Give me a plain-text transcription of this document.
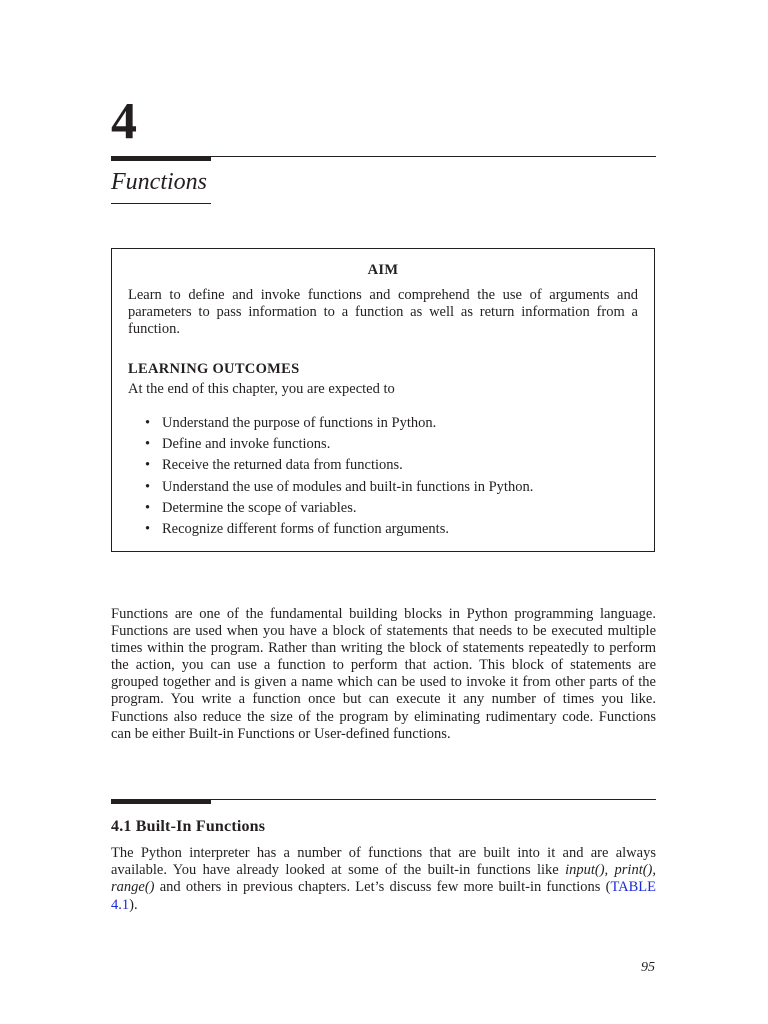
4
Functions
AIM

Learn to define and invoke functions and comprehend the use of arguments and parameters to pass information to a function as well as return information from a function.

LEARNING OUTCOMES

At the end of this chapter, you are expected to

• Understand the purpose of functions in Python.
• Define and invoke functions.
• Receive the returned data from functions.
• Understand the use of modules and built-in functions in Python.
• Determine the scope of variables.
• Recognize different forms of function arguments.

Functions are one of the fundamental building blocks in Python programming language. Functions are used when you have a block of statements that needs to be executed multiple times within the program. Rather than writing the block of statements repeatedly to perform the action, you can use a function to perform that action. This block of statements are grouped together and is given a name which can be used to invoke it from other parts of the program. You write a function once but can execute it any number of times you like. Functions also reduce the size of the program by eliminating rudimentary code. Functions can be either Built-in Functions or User-defined functions.

4.1 Built-In Functions

The Python interpreter has a number of functions that are built into it and are always available. You have already looked at some of the built-in functions like input(), print(), range() and others in previous chapters. Let’s discuss few more built-in functions (TABLE 4.1).

95
